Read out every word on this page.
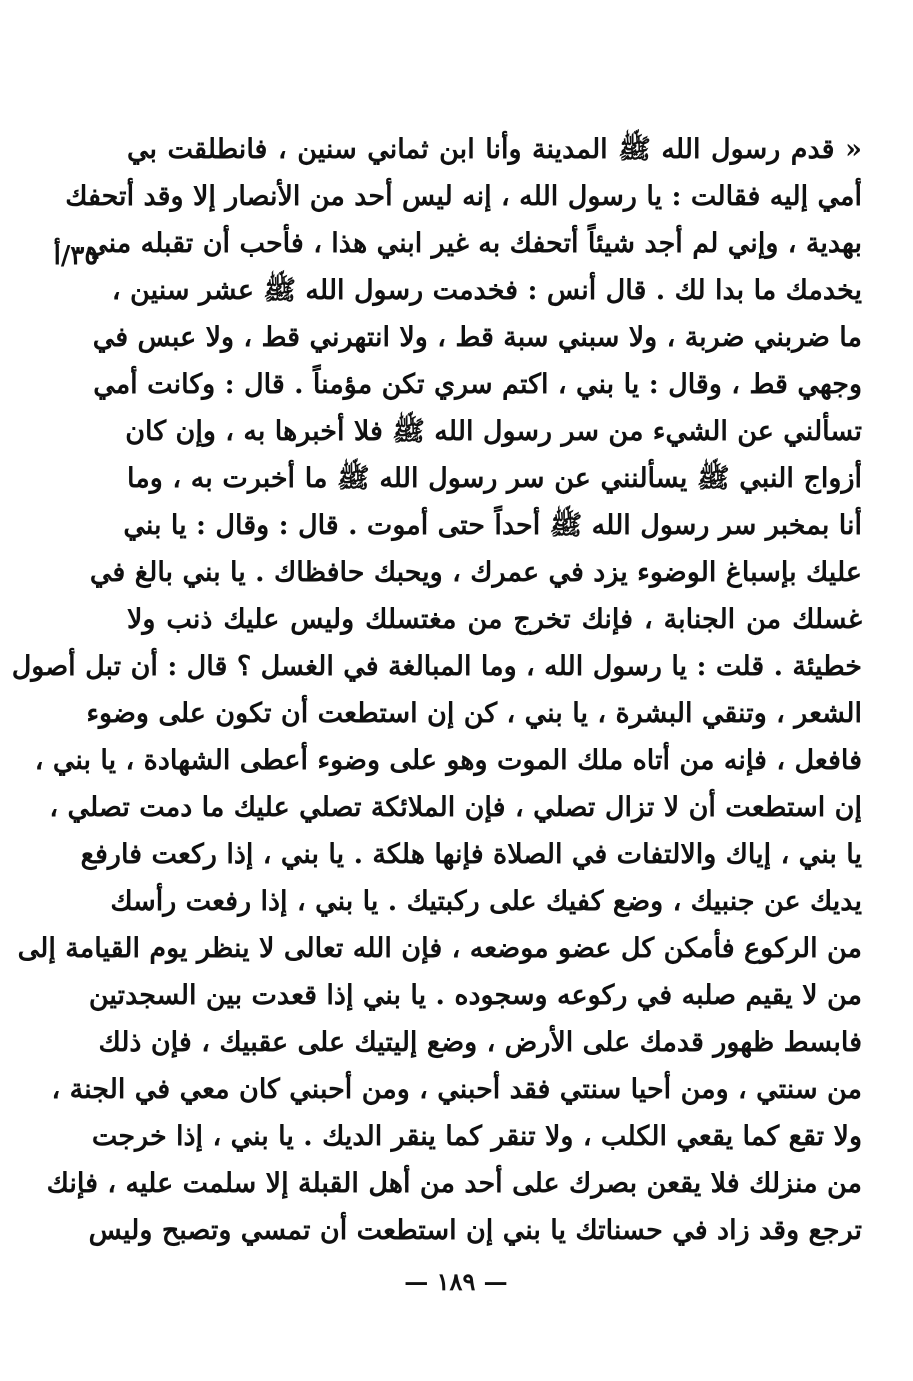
٣٥/أ
« قدم رسول الله ﷺ المدينة وأنا ابن ثماني سنين ، فانطلقت بي
أمي إليه فقالت : يا رسول الله ، إنه ليس أحد من الأنصار إلا وقد أتحفك
بهدية ، وإني لم أجد شيئاً أتحفك به غير ابني هذا ، فأحب أن تقبله مني
يخدمك ما بدا لك . قال أنس : فخدمت رسول الله ﷺ عشر سنين ،
ما ضربني ضربة ، ولا سبني سبة قط ، ولا انتهرني قط ، ولا عبس في
وجهي قط ، وقال : يا بني ، اكتم سري تكن مؤمناً . قال : وكانت أمي
تسألني عن الشيء من سر رسول الله ﷺ فلا أخبرها به ، وإن كان
أزواج النبي ﷺ يسألنني عن سر رسول الله ﷺ ما أخبرت به ، وما
أنا بمخبر سر رسول الله ﷺ أحداً حتى أموت . قال : وقال : يا بني
عليك بإسباغ الوضوء يزد في عمرك ، ويحبك حافظاك . يا بني بالغ في
غسلك من الجنابة ، فإنك تخرج من مغتسلك وليس عليك ذنب ولا
خطيئة . قلت : يا رسول الله ، وما المبالغة في الغسل ؟ قال : أن تبل أصول
الشعر ، وتنقي البشرة ، يا بني ، كن إن استطعت أن تكون على وضوء
فافعل ، فإنه من أتاه ملك الموت وهو على وضوء أعطى الشهادة ، يا بني ،
إن استطعت أن لا تزال تصلي ، فإن الملائكة تصلي عليك ما دمت تصلي ،
يا بني ، إياك والالتفات في الصلاة فإنها هلكة . يا بني ، إذا ركعت فارفع
يديك عن جنبيك ، وضع كفيك على ركبتيك . يا بني ، إذا رفعت رأسك
من الركوع فأمكن كل عضو موضعه ، فإن الله تعالى لا ينظر يوم القيامة إلى
من لا يقيم صلبه في ركوعه وسجوده . يا بني إذا قعدت بين السجدتين
فابسط ظهور قدمك على الأرض ، وضع إليتيك على عقبيك ، فإن ذلك
من سنتي ، ومن أحيا سنتي فقد أحبني ، ومن أحبني كان معي في الجنة ،
ولا تقع كما يقعي الكلب ، ولا تنقر كما ينقر الديك . يا بني ، إذا خرجت
من منزلك فلا يقعن بصرك على أحد من أهل القبلة إلا سلمت عليه ، فإنك
ترجع وقد زاد في حسناتك يا بني إن استطعت أن تمسي وتصبح وليس
— ١٨٩ —
